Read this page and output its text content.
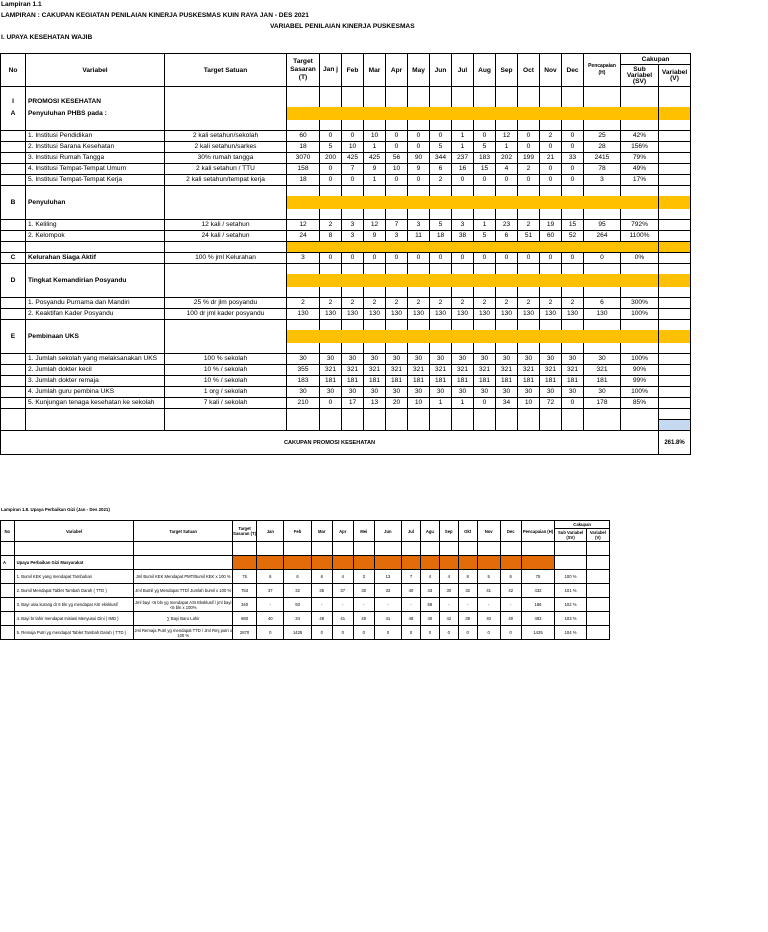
Lampiran 1.1
LAMPIRAN : CAKUPAN KEGIATAN PENILAIAN KINERJA PUSKESMAS KUIN RAYA JAN - DES 2021
VARIABEL PENILAIAN KINERJA PUSKESMAS
I. UPAYA KESEHATAN WAJIB
No	Variabel	Target Satuan	Target Sasaran (T)	Jan j	Feb	Mar	Apr	May	Jun	Jul	Aug	Sep	Oct	Nov	Dec	Pencapaian (H)	Cakupan		
																	Sub Variabel (SV)	Variabel (V)	

I	PROMOSI KESEHATAN																		
A	Penyuluhan PHBS pada :				

	1. Institusi Pendidikan	2 kali setahun/sekolah	60	0	0	10	0	0	0	1	0	12	0	2	0	25	42%		
	2. Institusi Sarana Kesehatan	2 kali setahun/sarkes	18	5	10	1	0	0	5	1	5	1	0	0	0	28	156%		
	3. Institusi Rumah Tangga	30% rumah tangga	3070	200	425	425	56	90	344	237	183	202	199	21	33	2415	79%		
	4. Institusi Tempat-Tempat Umum	2 kali setahun / TTU	158	0	7	9	10	9	6	16	15	4	2	0	0	78	49%		
	5. Institusi Tempat-Tempat Kerja	2 kali setahun/tempat kerja	18	0	0	1	0	0	2	0	0	0	0	0	0	3	17%		

B	Penyuluhan				

	1. Keliling	12 kali / setahun	12	2	3	12	7	3	5	3	1	23	2	19	15	95	792%		
	2. Kelompok	24 kali / setahun	24	8	3	9	3	11	18	38	5	6	51	60	52	264	1100%		

C	Kelurahan Siaga Aktif	100 % jml Kelurahan	3	0	0	0	0	0	0	0	0	0	0	0	0	0	0%		

D	Tingkat Kemandirian Posyandu				

	1. Posyandu Purnama dan Mandiri	25 % dr jlm posyandu	2	2	2	2	2	2	2	2	2	2	2	2	2	6	300%		
	2. Keaktifan Kader Posyandu	100 dr jml kader posyandu	130	130	130	130	130	130	130	130	130	130	130	130	130	130	100%		

E	Pembinaan UKS				

	1. Jumlah sekolah yang melaksanakan UKS	100 % sekolah	30	30	30	30	30	30	30	30	30	30	30	30	30	30	100%		
	2. Jumlah dokter kecil	10 % / sekolah	355	321	321	321	321	321	321	321	321	321	321	321	321	321	90%		
	3. Jumlah dokter remaja	10 % / sekolah	183	181	181	181	181	181	181	181	181	181	181	181	181	181	99%		
	4. Jumlah guru pembina UKS	1 org / sekolah	30	30	30	30	30	30	30	30	30	30	30	30	30	30	100%		
	5. Kunjungan tenaga kesehatan ke sekolah	7 kali / sekolah	210	0	17	13	20	10	1	1	0	34	10	72	0	178	85%		

CAKUPAN PROMOSI KESEHATAN																		261.8%	
Lampiran 1.8. Upaya Perbaikan Gizi (Jan - Des 2021)
No	Variabel	Target Satuan	Target Sasaran (T)	Jan	Feb	Mar	Apr	Mei	Jun	Jul	Agu	Sep	Okt	Nov	Dec	Pencapaian (H)	Cakupan	
																	Sub Variabel (SV)	Variabel (V)

A	Upaya Perbaikan Gizi Masyarakat																	
	1. Bumil KEK yang mendapat Tambahan	Jml Bumil KEK Mendapat PMT/Bumil KEK x 100 %	75	6	6	6	4	3	13	7	4	4	8	5	6	75	100 %	
	2. Bumil Mendapat Tablet Tambah Darah ( TTD )	Jml Bumil yg Mendapat TTD/ Jumlah bumil x 100 %	753	37	32	35	37	30	33	40	43	30	32	41	42	432	101 %	
	3. Bayi usia kurang dr 6 bln yg mendapat ASI eksklusif	Jml bayi <6 bln yg mendapat ASI Eksklusif / jml bayi <6 bln x 100%	340	-	93	-	-	-	-	-	58	-	-	-	-	186	102 %	
	4. Bayi br lahir mendapat Inisiasi Menyusui Dini ( IMD )	∑ Bayi Baru Lahir	680	40	34	48	41	40	41	48	40	42	39	40	40	493	103 %	
	5. Remaja Putri yg mendapat Tablet Tambah Darah ( TTD )	Jml Remaja Putri yg mendapat TTD / Jml Rmj putri x 100 %	2870	0	1425	0	0	0	0	0	0	0	0	0	0	1425	104 %	
